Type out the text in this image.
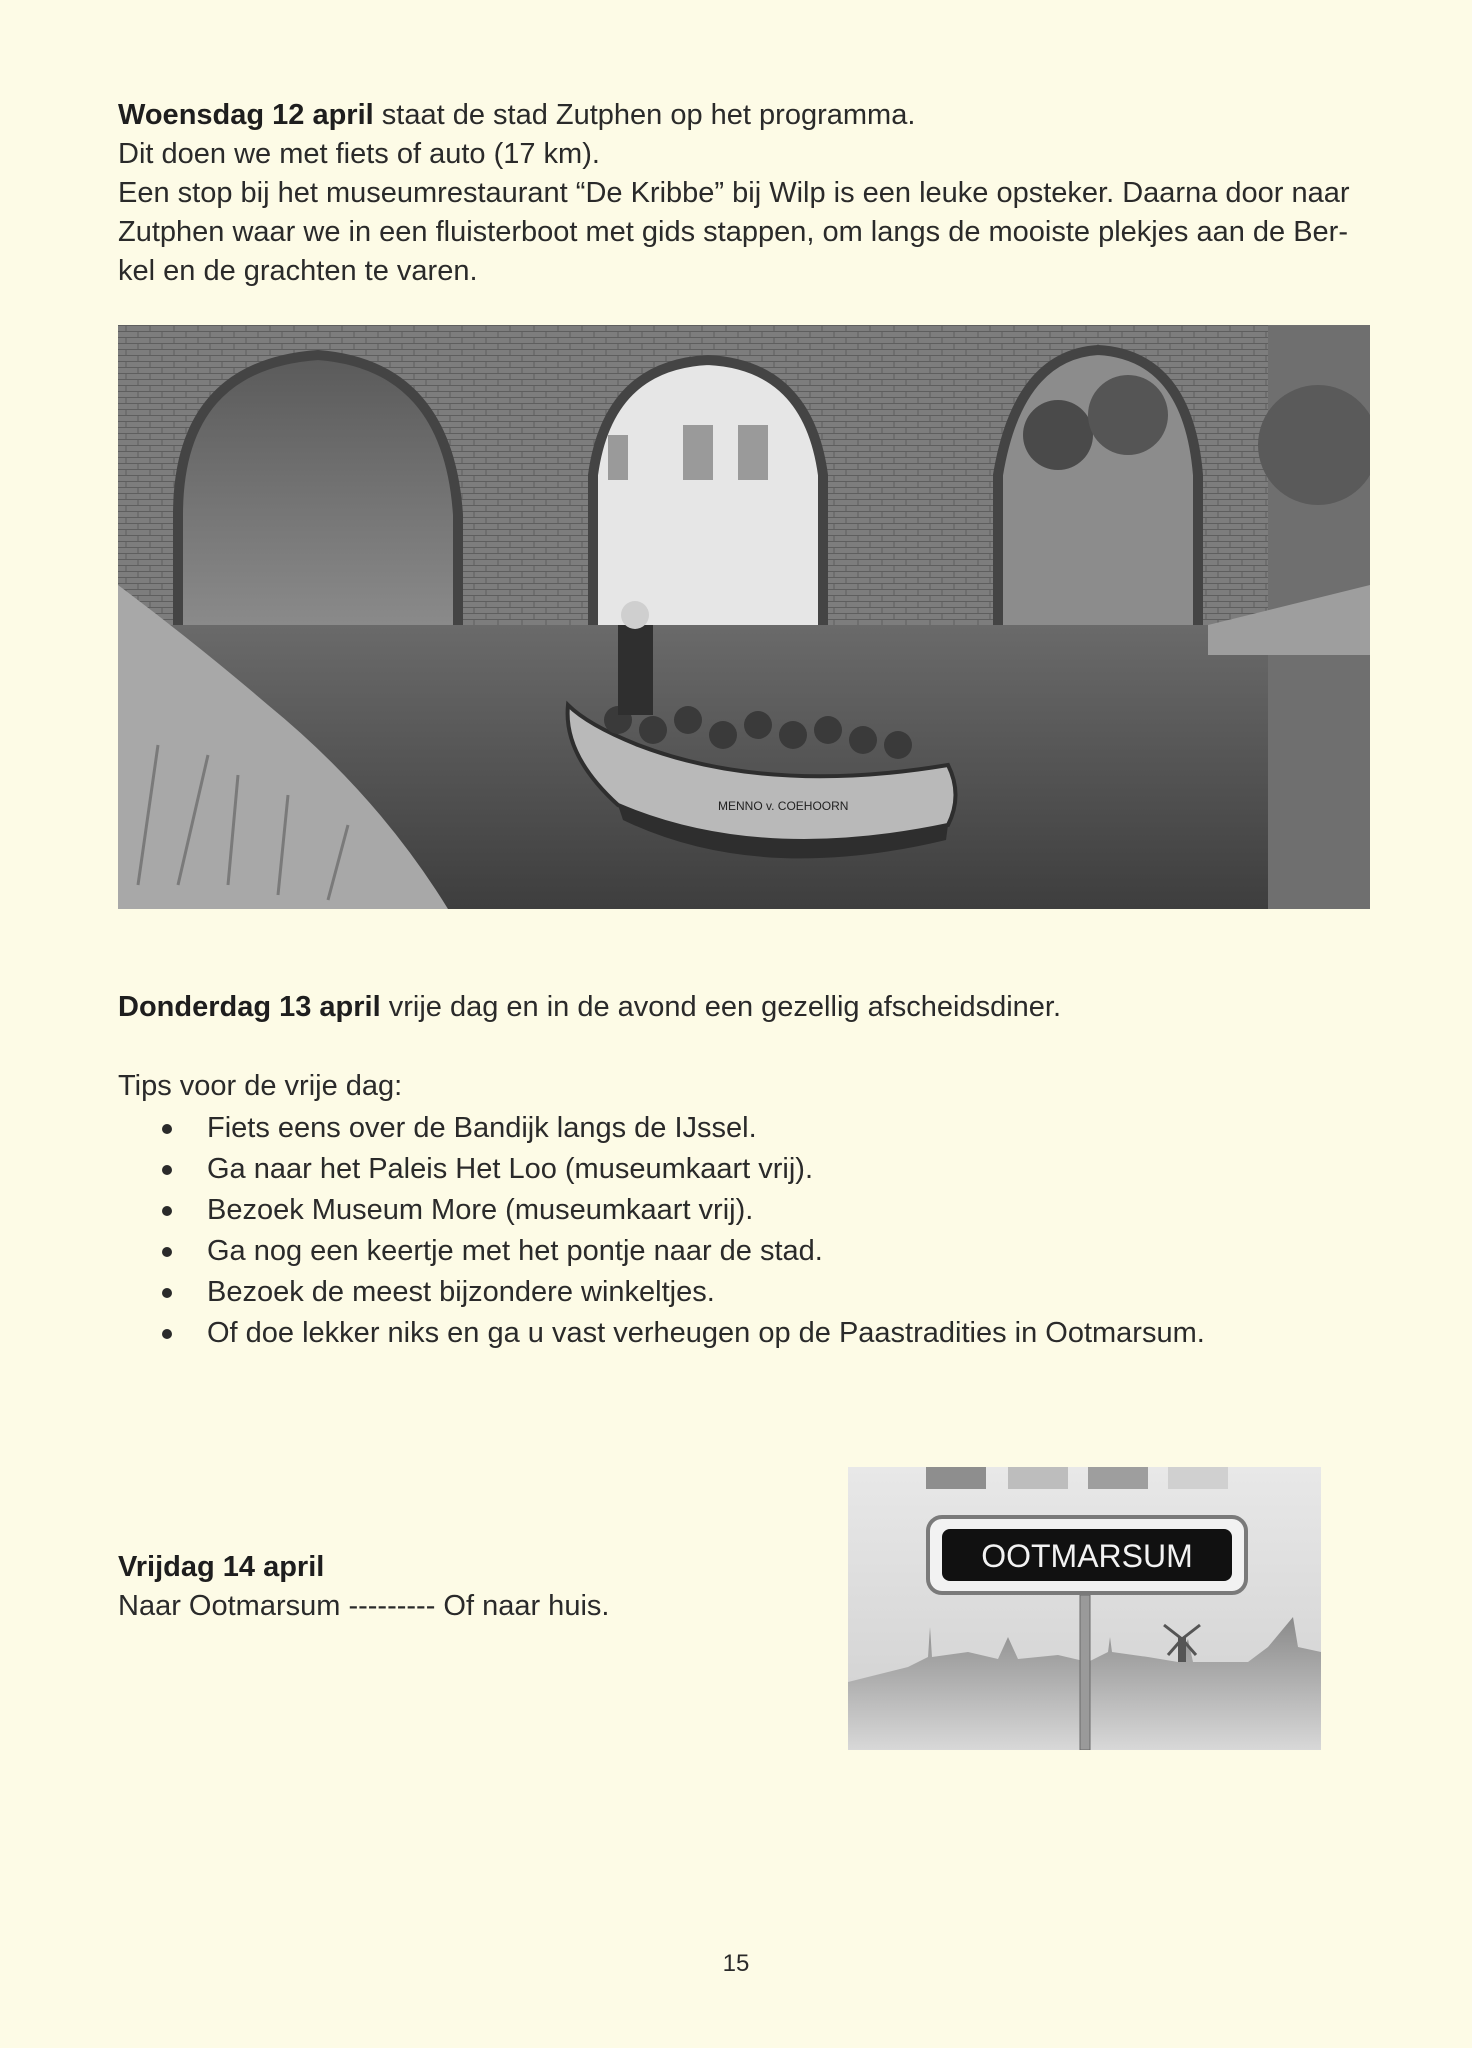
Woensdag 12 april staat de stad Zutphen op het programma.
Dit doen we met fiets of auto (17 km).
Een stop bij het museumrestaurant “De Kribbe” bij Wilp is een leuke opsteker. Daarna door naar
Zutphen waar we in een fluisterboot met gids stappen, om langs de mooiste plekjes aan de Ber-
kel en de grachten te varen.
MENNO v. COEHOORN
Donderdag 13 april vrije dag en in de avond een gezellig afscheidsdiner.
Tips voor de vrije dag:
Fiets eens over de Bandijk langs de IJssel.
Ga naar het Paleis Het Loo (museumkaart vrij).
Bezoek Museum More (museumkaart vrij).
Ga nog een keertje met het pontje naar de stad.
Bezoek de meest bijzondere winkeltjes.
Of doe lekker niks en ga u vast verheugen op de Paastradities in Ootmarsum.
Vrijdag 14 april
Naar Ootmarsum --------- Of naar huis.
OOTMARSUM
15
